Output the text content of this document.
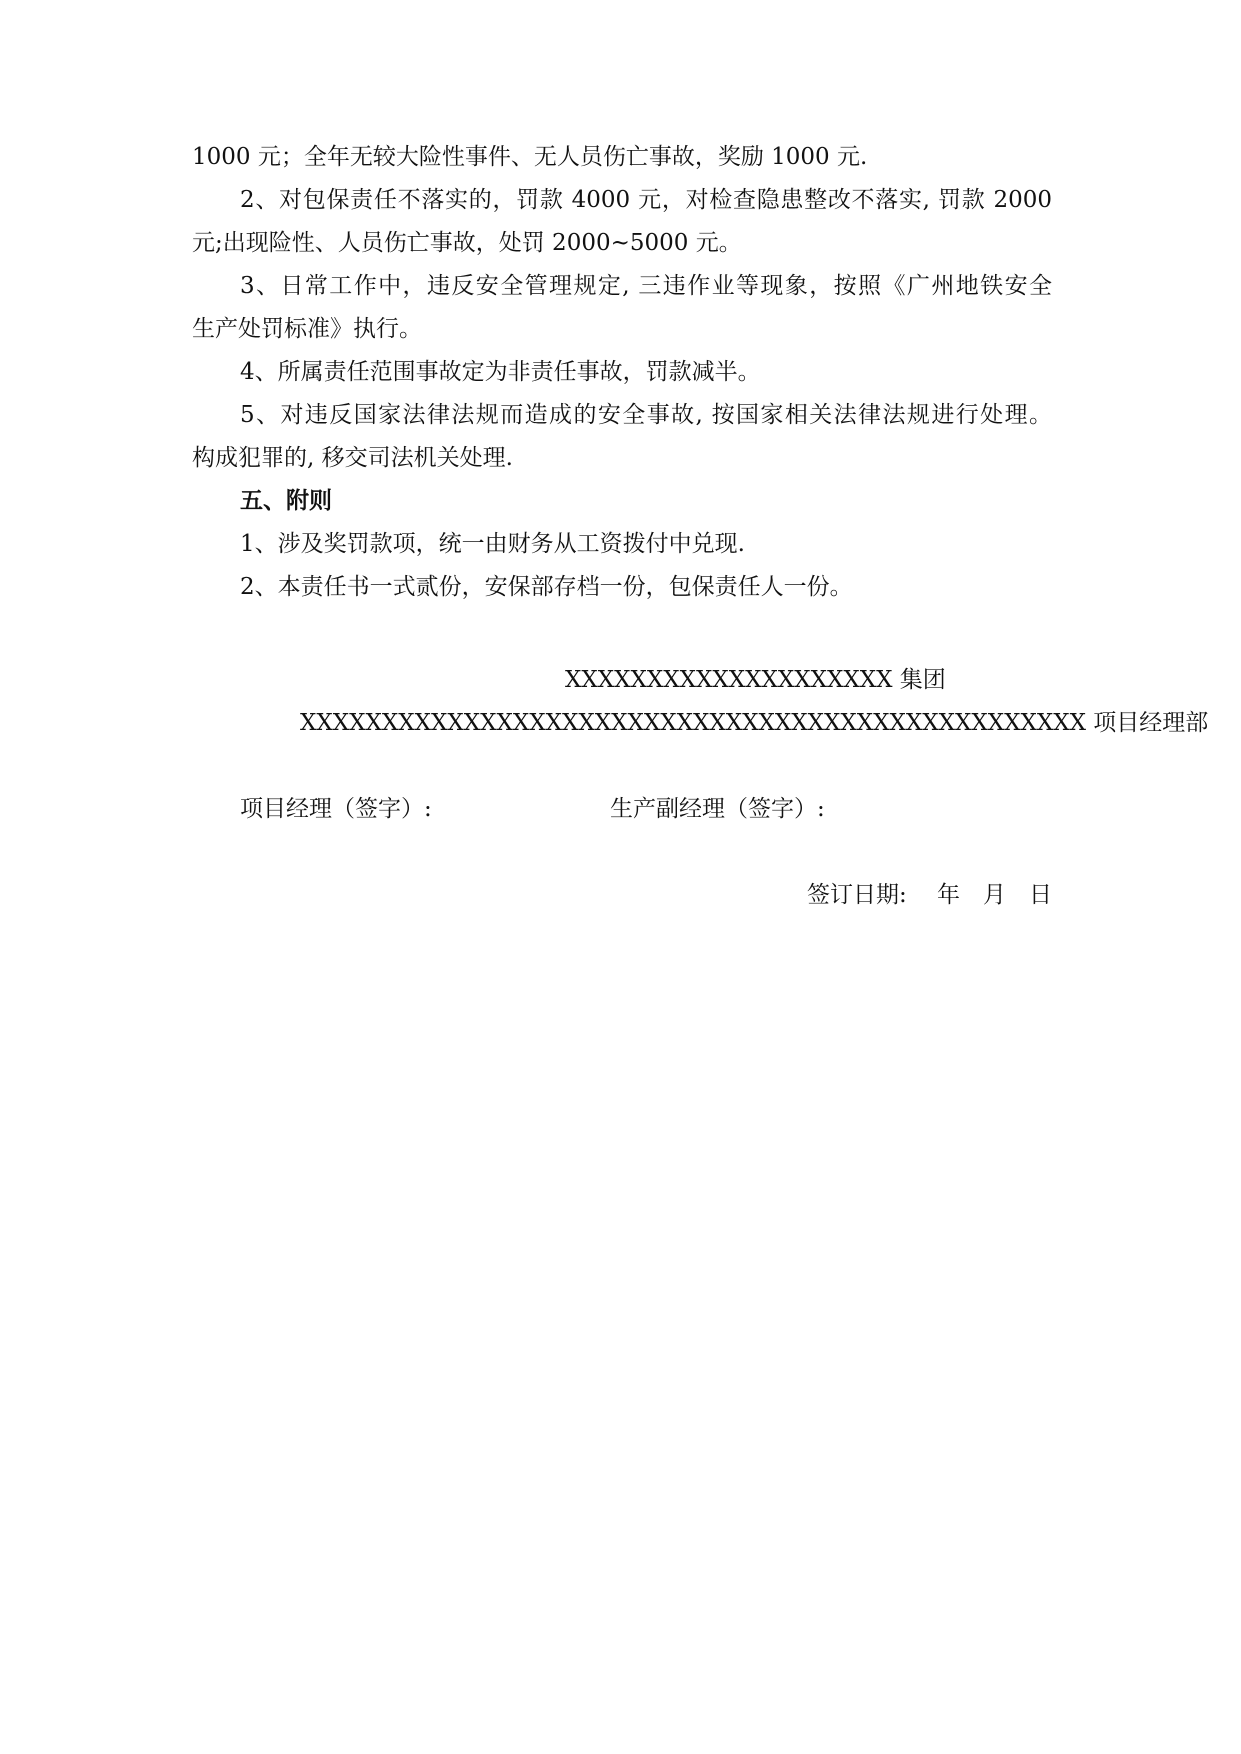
1000 元；全年无较大险性事件、无人员伤亡事故，奖励 1000 元.
2、对包保责任不落实的，罚款 4000 元，对检查隐患整改不落实, 罚款 2000
元;出现险性、人员伤亡事故，处罚 2000~5000 元。
3、日常工作中，违反安全管理规定, 三违作业等现象，按照《广州地铁安全
生产处罚标准》执行。
4、所属责任范围事故定为非责任事故，罚款减半。
5、对违反国家法律法规而造成的安全事故, 按国家相关法律法规进行处理。
构成犯罪的, 移交司法机关处理.
五、附则
1、涉及奖罚款项，统一由财务从工资拨付中兑现.
2、本责任书一式贰份，安保部存档一份，包保责任人一份。
XXXXXXXXXXXXXXXXXXXX 集团
XXXXXXXXXXXXXXXXXXXXXXXXXXXXXXXXXXXXXXXXXXXXXXXX 项目经理部
项目经理（签字）:	生产副经理（签字）:
签订日期:　 年　月　日
